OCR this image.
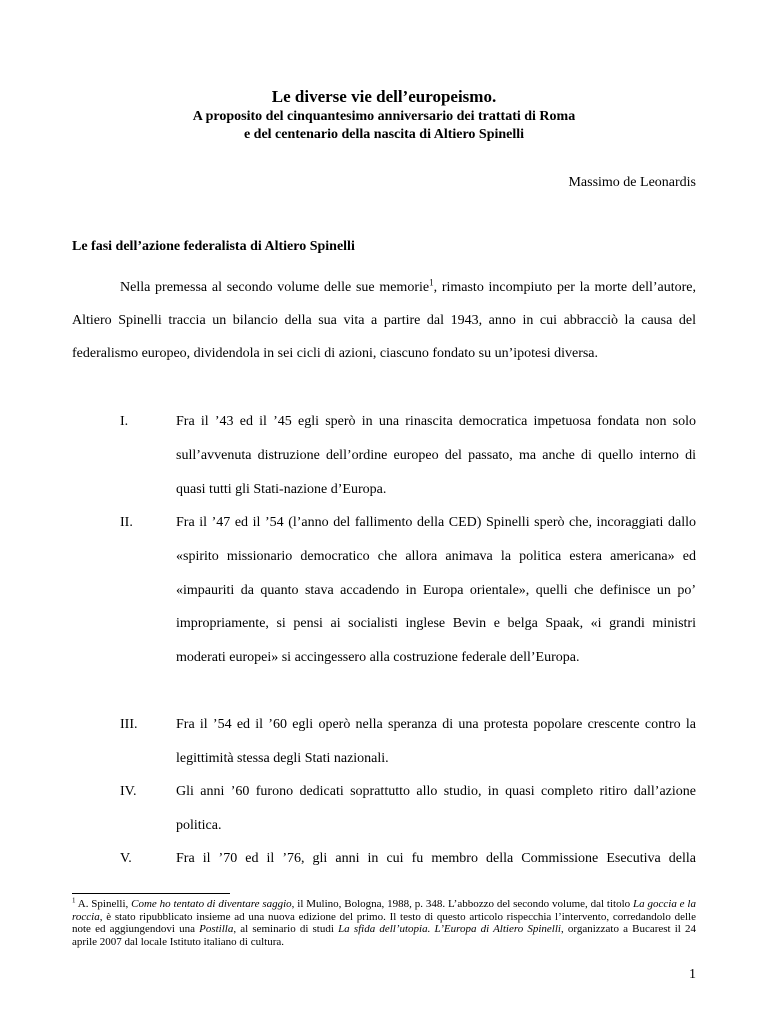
Le diverse vie dell’europeismo.
A proposito del cinquantesimo anniversario dei trattati di Roma
e del centenario della nascita di Altiero Spinelli
Massimo de Leonardis
Le fasi dell’azione federalista di Altiero Spinelli
Nella premessa al secondo volume delle sue memorie$^1$, rimasto incompiuto per la morte dell’autore, Altiero Spinelli traccia un bilancio della sua vita a partire dal 1943, anno in cui abbracciò la causa del federalismo europeo, dividendola in sei cicli di azioni, ciascuno fondato su un’ipotesi diversa.
I.	Fra il ’43 ed il ’45 egli sperò in una rinascita democratica impetuosa fondata non solo sull’avvenuta distruzione dell’ordine europeo del passato, ma anche di quello interno di quasi tutti gli Stati-nazione d’Europa.
II.	Fra il ’47 ed il ’54 (l’anno del fallimento della CED) Spinelli sperò che, incoraggiati dallo «spirito missionario democratico che allora animava la politica estera americana» ed «impauriti da quanto stava accadendo in Europa orientale», quelli che definisce un po’ impropriamente, si pensi ai socialisti inglese Bevin e belga Spaak, «i grandi ministri moderati europei» si accingessero alla costruzione federale dell’Europa.
III.	Fra il ’54 ed il ’60 egli operò nella speranza di una protesta popolare crescente contro la legittimità stessa degli Stati nazionali.
IV.	Gli anni ’60 furono dedicati soprattutto allo studio, in quasi completo ritiro dall’azione politica.
V.	Fra il ’70 ed il ’76, gli anni in cui fu membro della Commissione Esecutiva della
$^1$ A. Spinelli, Come ho tentato di diventare saggio, il Mulino, Bologna, 1988, p. 348. L’abbozzo del secondo volume, dal titolo La goccia e la roccia, è stato ripubblicato insieme ad una nuova edizione del primo. Il testo di questo articolo rispecchia l’intervento, corredandolo delle note ed aggiungendovi una Postilla, al seminario di studi La sfida dell’utopia. L’Europa di Altiero Spinelli, organizzato a Bucarest il 24 aprile 2007 dal locale Istituto italiano di cultura.
1
